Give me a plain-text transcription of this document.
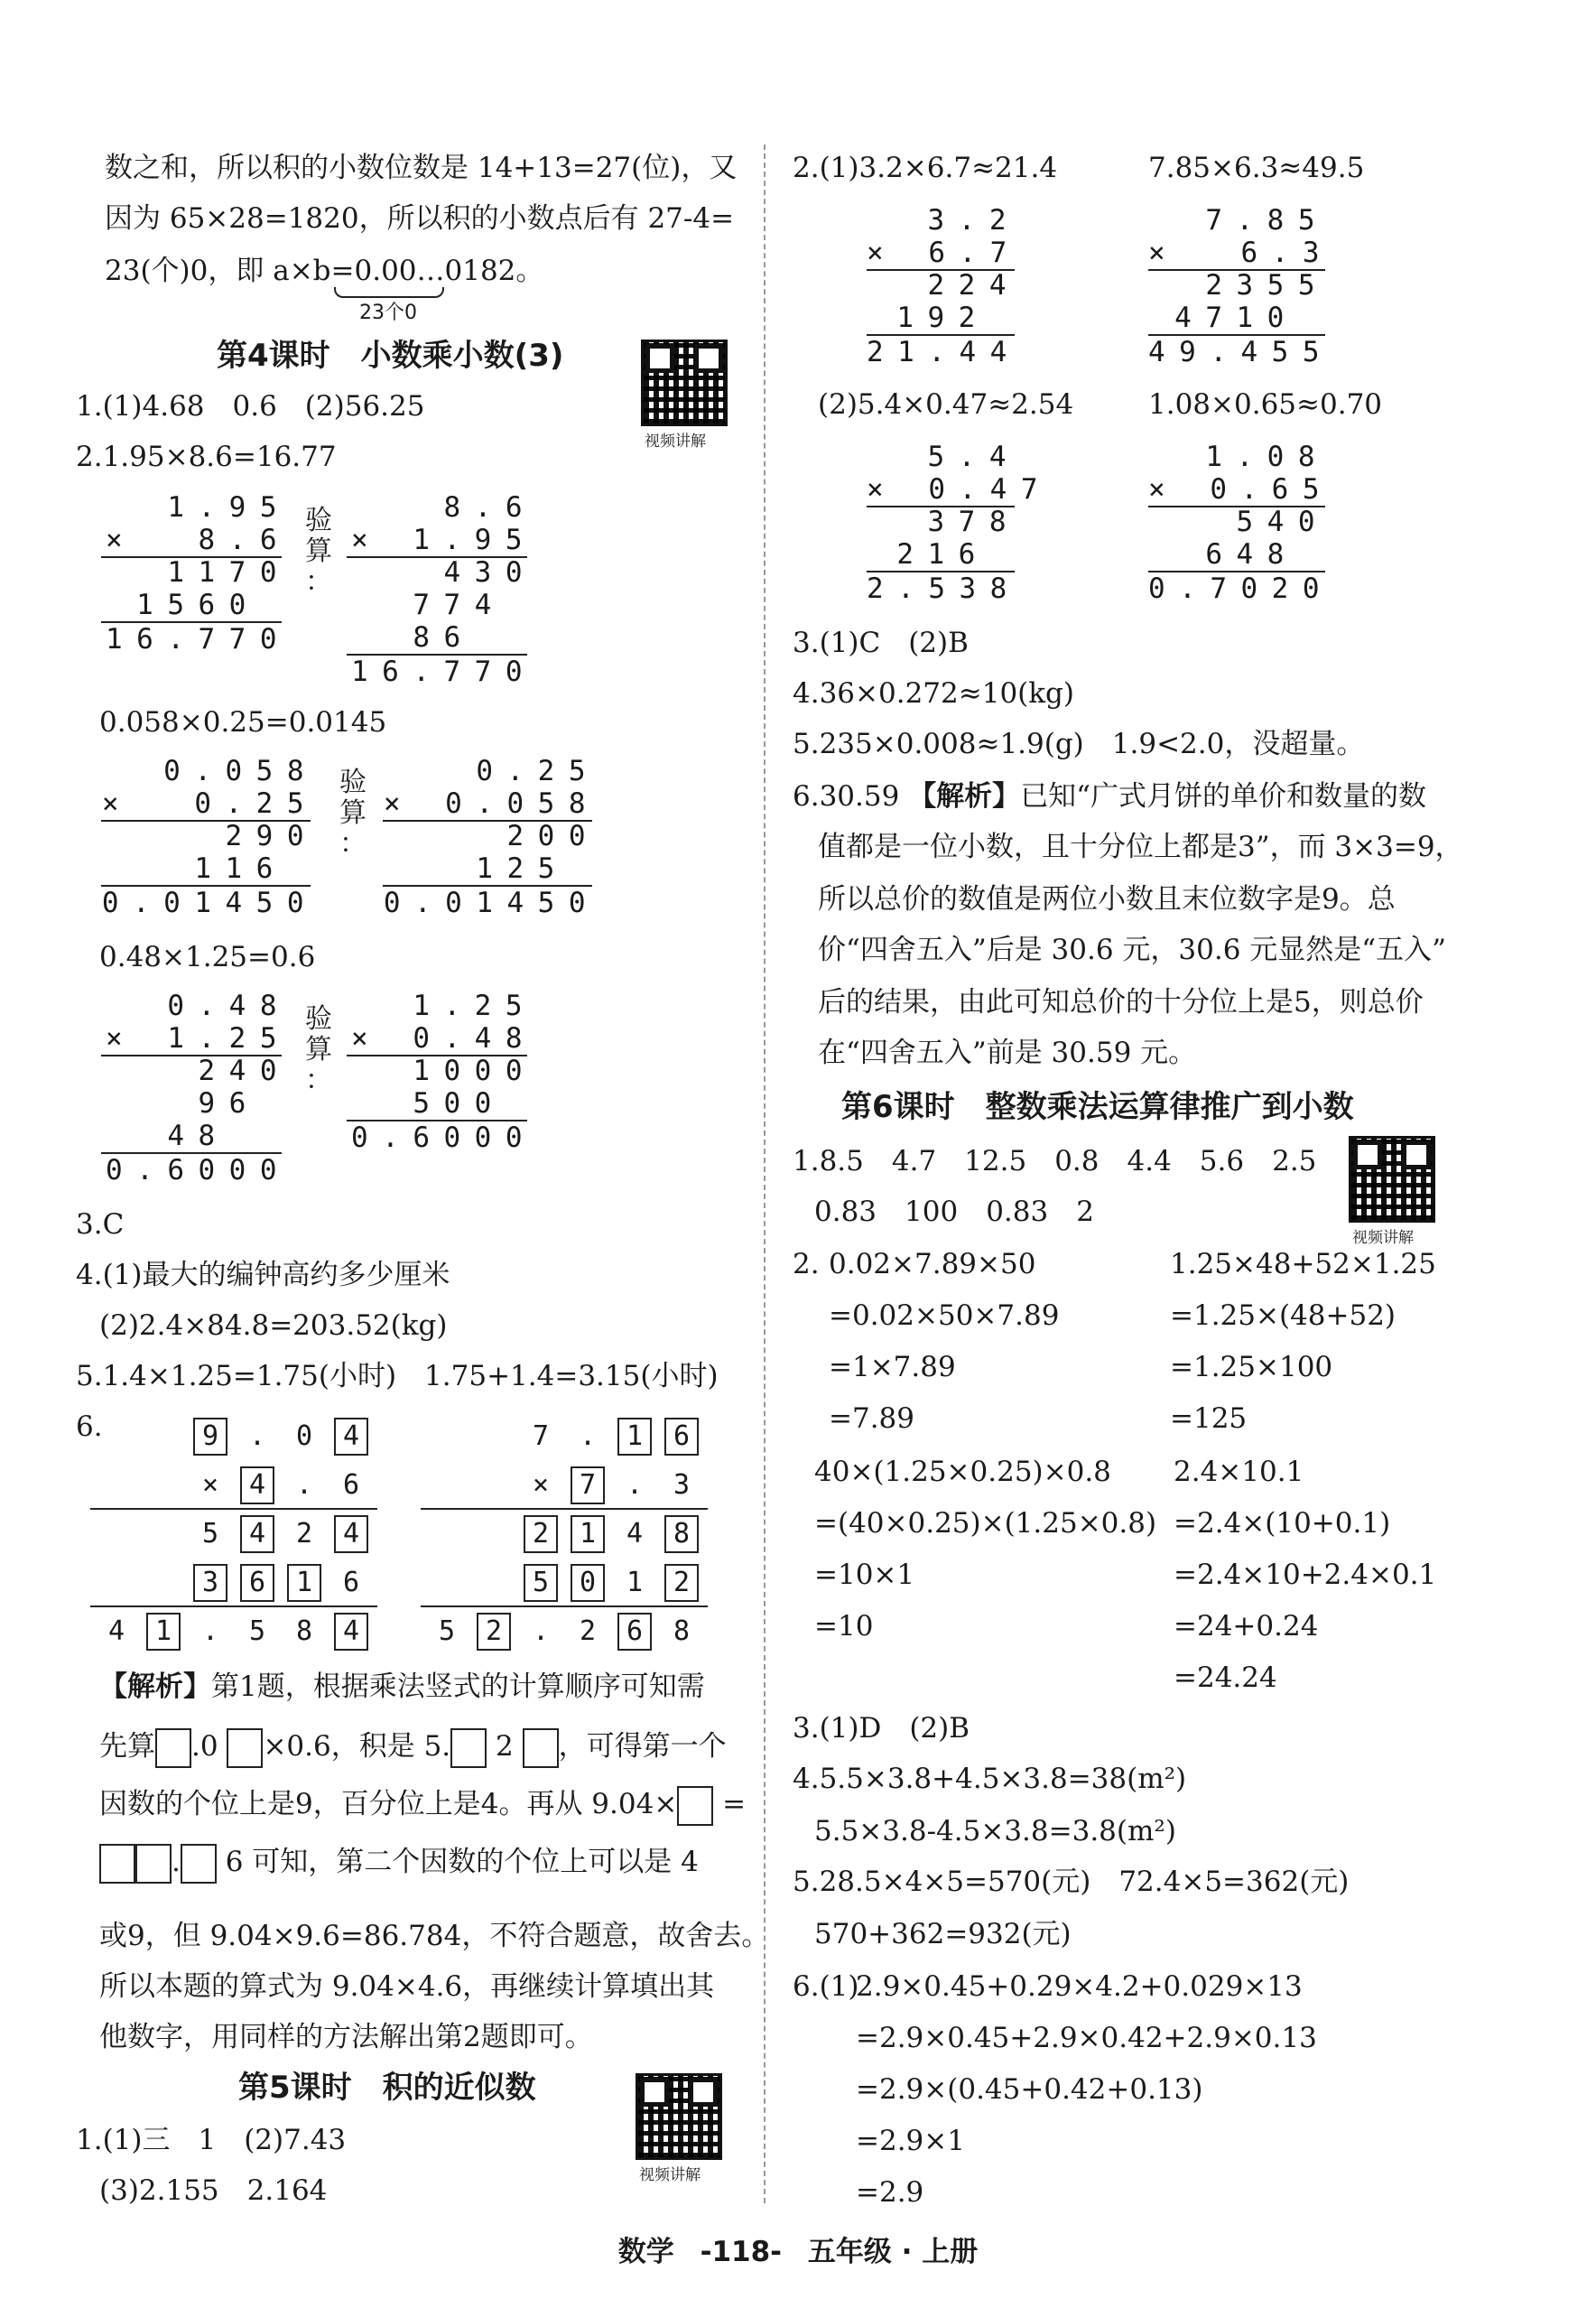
数之和，所以积的小数位数是 14+13=27(位)，又
因为 65×28=1820，所以积的小数点后有 27-4=
23(个)0，即 a×b=0.00…0182。
23个0
第4课时　小数乘小数(3)
视频讲解
1.(1)4.68　0.6　(2)56.25
2.1.95×8.6=16.77
1.95
×  8.6
1170
1560
16.770
验
算
：
8.6
× 1.95
430
774
86
16.770
0.058×0.25=0.0145
0.058
×  0.25
290
116
0.01450
验
算
：
0.25
× 0.058
200
125
0.01450
0.48×1.25=0.6
0.48
× 1.25
240
96
48
0.6000
验
算
：
1.25
× 0.48
1000
500
0.6000
3.C
4.(1)最大的编钟高约多少厘米
(2)2.4×84.8=203.52(kg)
5.1.4×1.25=1.75(小时)　1.75+1.4=3.15(小时)
6.	9	.	0	4
×	4	.	6
5	4	2	4
3	6	1	6
4	1	.	5	8	4
7	.	1	6
×	7	.	3
2	1	4	8
5	0	1	2
5	2	.	2	6	8
【解析】第1题，根据乘法竖式的计算顺序可知需
先算 .0 ×0.6，积是 5. 2 ，可得第一个
因数的个位上是9，百分位上是4。再从 9.04× =
. 6 可知，第二个因数的个位上可以是 4
或9，但 9.04×9.6=86.784，不符合题意，故舍去。
所以本题的算式为 9.04×4.6，再继续计算填出其
他数字，用同样的方法解出第2题即可。
第5课时　积的近似数
视频讲解
1.(1)三　1　(2)7.43
(3)2.155　2.164
2.(1)3.2×6.7≈21.4	7.85×6.3≈49.5
3.2
× 6.7
224
192
21.44
7.85
×  6.3
2355
4710
49.455
(2)5.4×0.47≈2.54	1.08×0.65≈0.70
5.4
× 0.47
378
216
2.538
1.08
× 0.65
540
648
0.7020
3.(1)C　(2)B
4.36×0.272≈10(kg)
5.235×0.008≈1.9(g)　1.9<2.0，没超量。
6.30.59 【解析】已知“广式月饼的单价和数量的数
值都是一位小数，且十分位上都是3”，而 3×3=9，
所以总价的数值是两位小数且末位数字是9。总
价“四舍五入”后是 30.6 元，30.6 元显然是“五入”
后的结果，由此可知总价的十分位上是5，则总价
在“四舍五入”前是 30.59 元。
第6课时　整数乘法运算律推广到小数
视频讲解
1.8.5　4.7　12.5　0.8　4.4　5.6　2.5
0.83　100　0.83　2
2. 0.02×7.89×50
=0.02×50×7.89
=1×7.89
=7.89
1.25×48+52×1.25
=1.25×(48+52)
=1.25×100
=125
40×(1.25×0.25)×0.8
=(40×0.25)×(1.25×0.8)
=10×1
=10
2.4×10.1
=2.4×(10+0.1)
=2.4×10+2.4×0.1
=24+0.24
=24.24
3.(1)D　(2)B
4.5.5×3.8+4.5×3.8=38(m²)
5.5×3.8-4.5×3.8=3.8(m²)
5.28.5×4×5=570(元)　72.4×5=362(元)
570+362=932(元)
6.(1)
2.9×0.45+0.29×4.2+0.029×13
=2.9×0.45+2.9×0.42+2.9×0.13
=2.9×(0.45+0.42+0.13)
=2.9×1
=2.9
数学 -118- 五年级 · 上册
